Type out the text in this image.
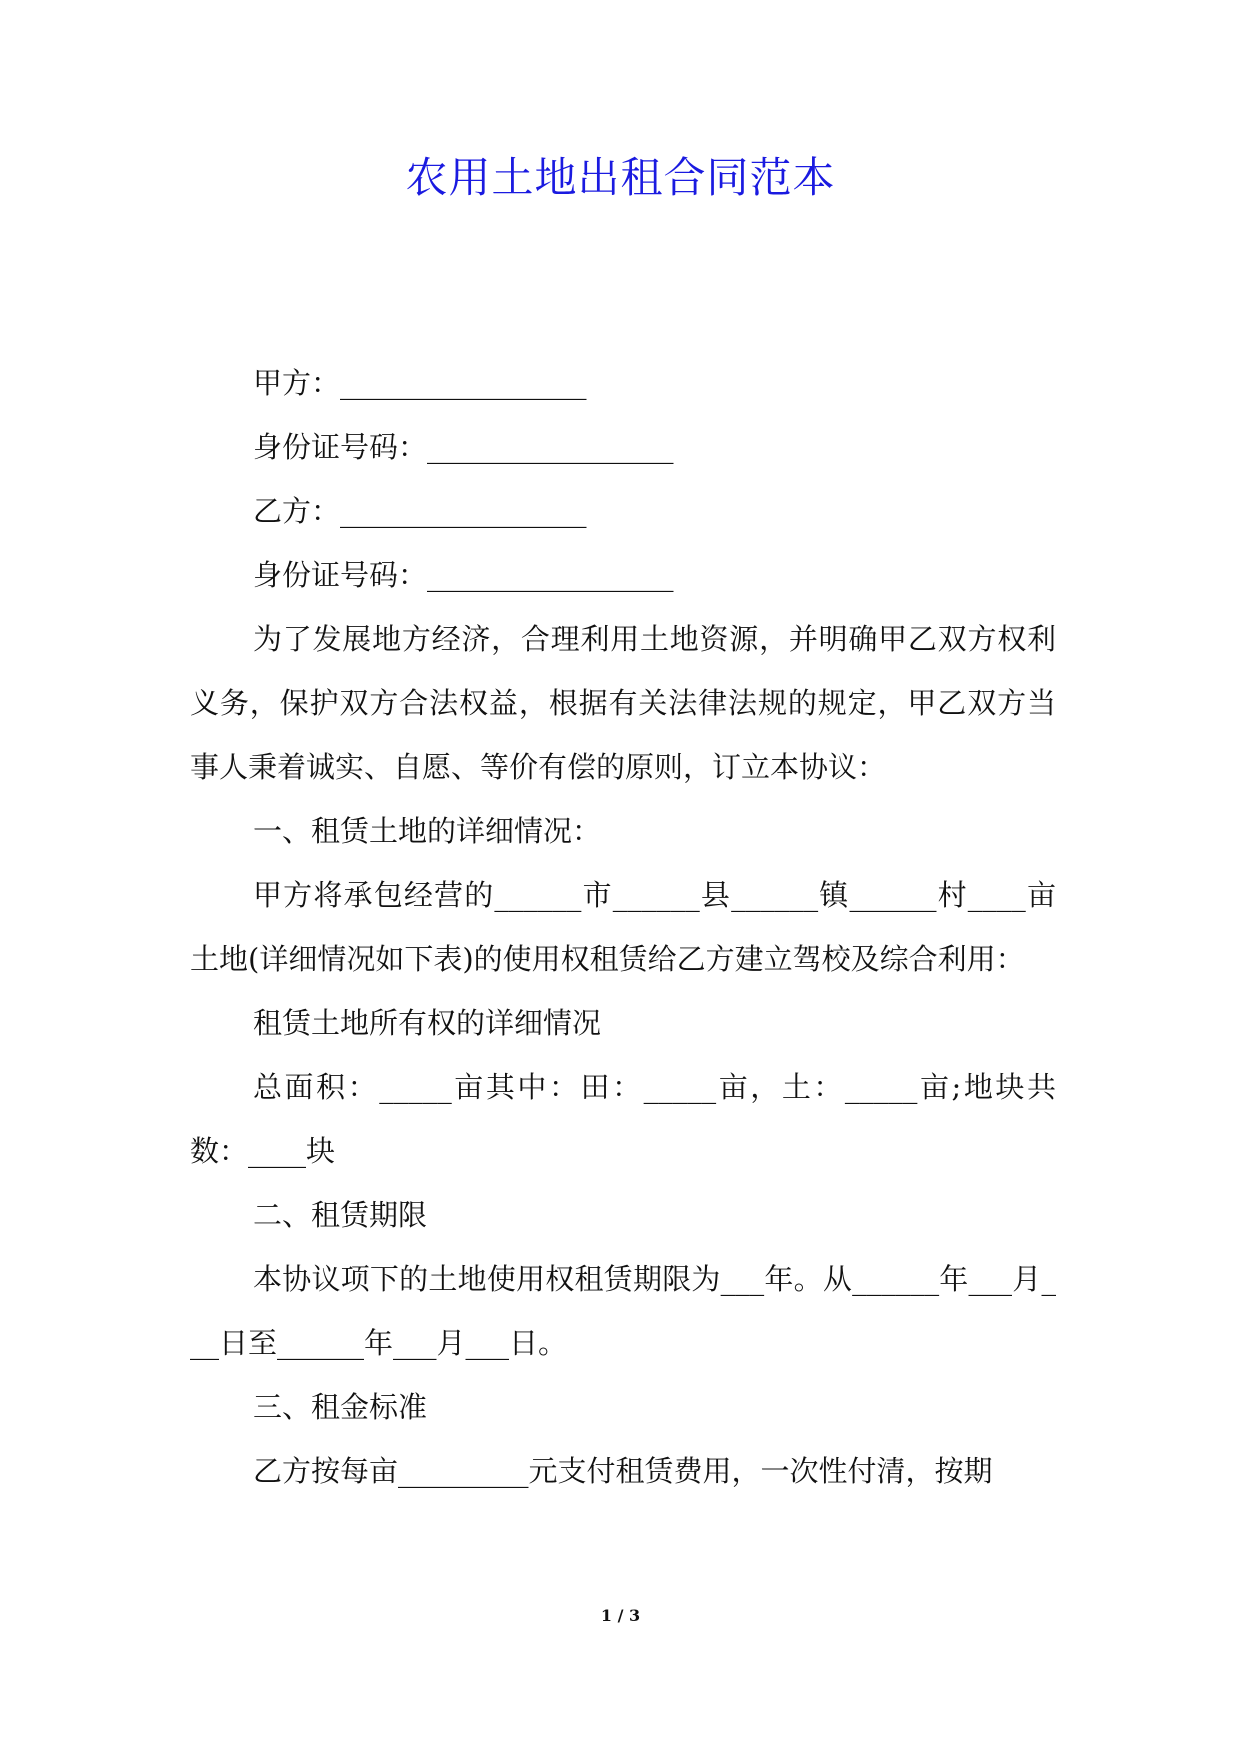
农用土地出租合同范本

甲方：_________________

身份证号码：_________________

乙方：_________________

身份证号码：_________________

为了发展地方经济，合理利用土地资源，并明确甲乙双方权利义务，保护双方合法权益，根据有关法律法规的规定，甲乙双方当事人秉着诚实、自愿、等价有偿的原则，订立本协议：

一、租赁土地的详细情况：

甲方将承包经营的______市______县______镇______村____亩土地(详细情况如下表)的使用权租赁给乙方建立驾校及综合利用：

租赁土地所有权的详细情况

总面积：_____亩其中：田：_____亩，土：_____亩;地块共数：____块

二、租赁期限

本协议项下的土地使用权租赁期限为___年。从______年___月___日至______年___月___日。

三、租金标准

乙方按每亩_________元支付租赁费用，一次性付清，按期

1 / 3
